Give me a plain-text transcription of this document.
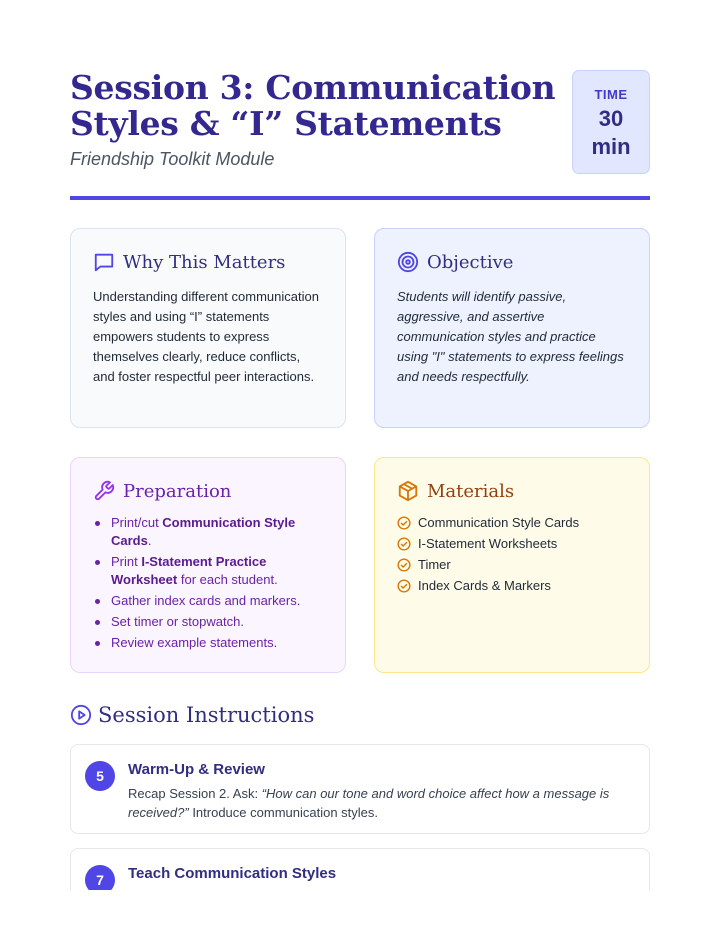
Session 3: Communication Styles & “I” Statements
Friendship Toolkit Module
TIME
30
min
Why This Matters

Understanding different communication styles and using “I” statements empowers students to express themselves clearly, reduce conflicts, and foster respectful peer interactions.

Objective

Students will identify passive, aggressive, and assertive communication styles and practice using "I" statements to express feelings and needs respectfully.

Preparation
Print/cut Communication Style Cards.
Print I-Statement Practice Worksheet for each student.
Gather index cards and markers.
Set timer or stopwatch.
Review example statements.
Materials
Communication Style Cards
I-Statement Worksheets
Timer
Index Cards & Markers
Session Instructions
5	Warm-Up & Review

Recap Session 2. Ask: “How can our tone and word choice affect how a message is received?” Introduce communication styles.

7	Teach Communication Styles
